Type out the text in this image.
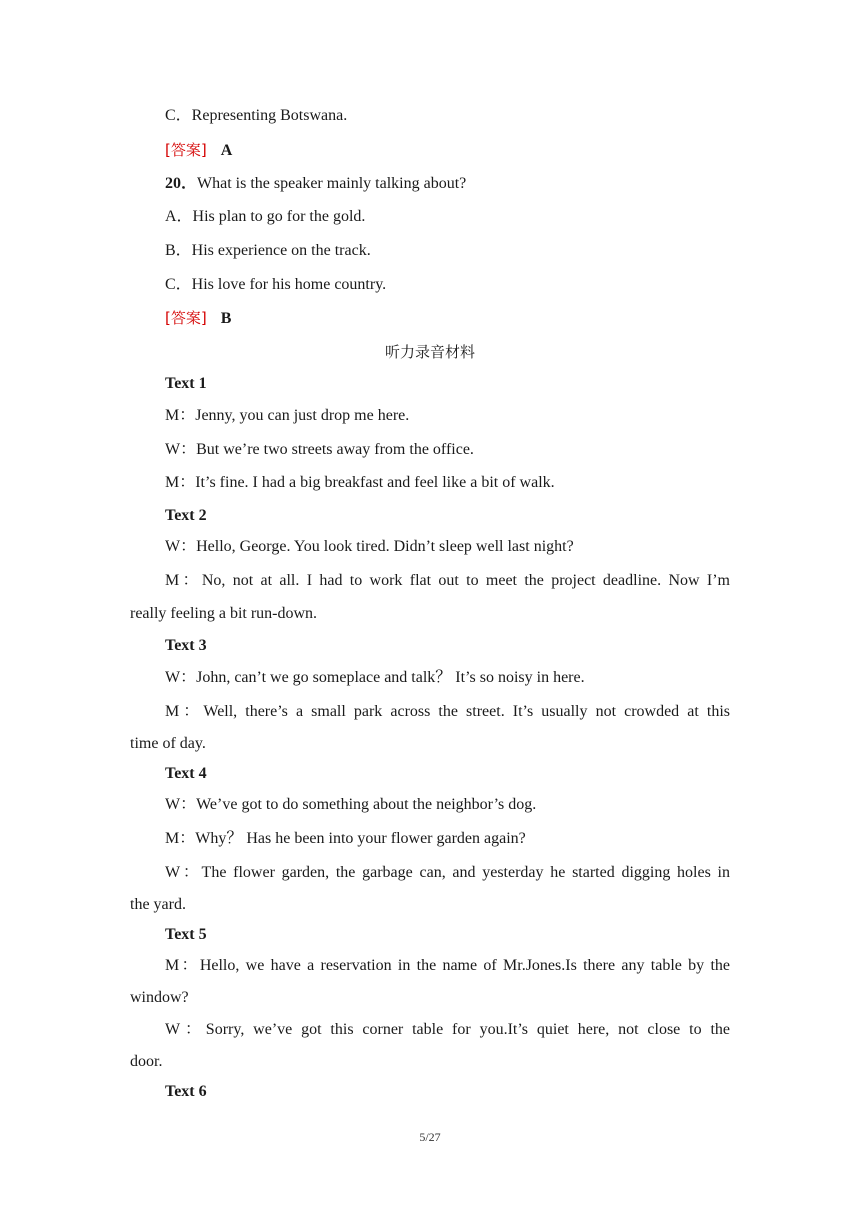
C．Representing Botswana.
[答案] A
20．What is the speaker mainly talking about?
A．His plan to go for the gold.
B．His experience on the track.
C．His love for his home country.
[答案] B
听力录音材料
Text 1
M：Jenny, you can just drop me here.
W：But we’re two streets away from the office.
M：It’s fine. I had a big breakfast and feel like a bit of walk.
Text 2
W：Hello, George. You look tired. Didn’t sleep well last night?
M：No, not at all. I had to work flat out to meet the project deadline. Now I’m
really feeling a bit run-down.
Text 3
W：John, can’t we go someplace and talk？ It’s so noisy in here.
M：Well, there’s a small park across the street. It’s usually not crowded at this
time of day.
Text 4
W：We’ve got to do something about the neighbor’s dog.
M：Why？ Has he been into your flower garden again?
W：The flower garden, the garbage can, and yesterday he started digging holes in
the yard.
Text 5
M：Hello, we have a reservation in the name of Mr.Jones.Is there any table by the
window?
W：Sorry, we’ve got this corner table for you.It’s quiet here, not close to the
door.
Text 6
5/27
